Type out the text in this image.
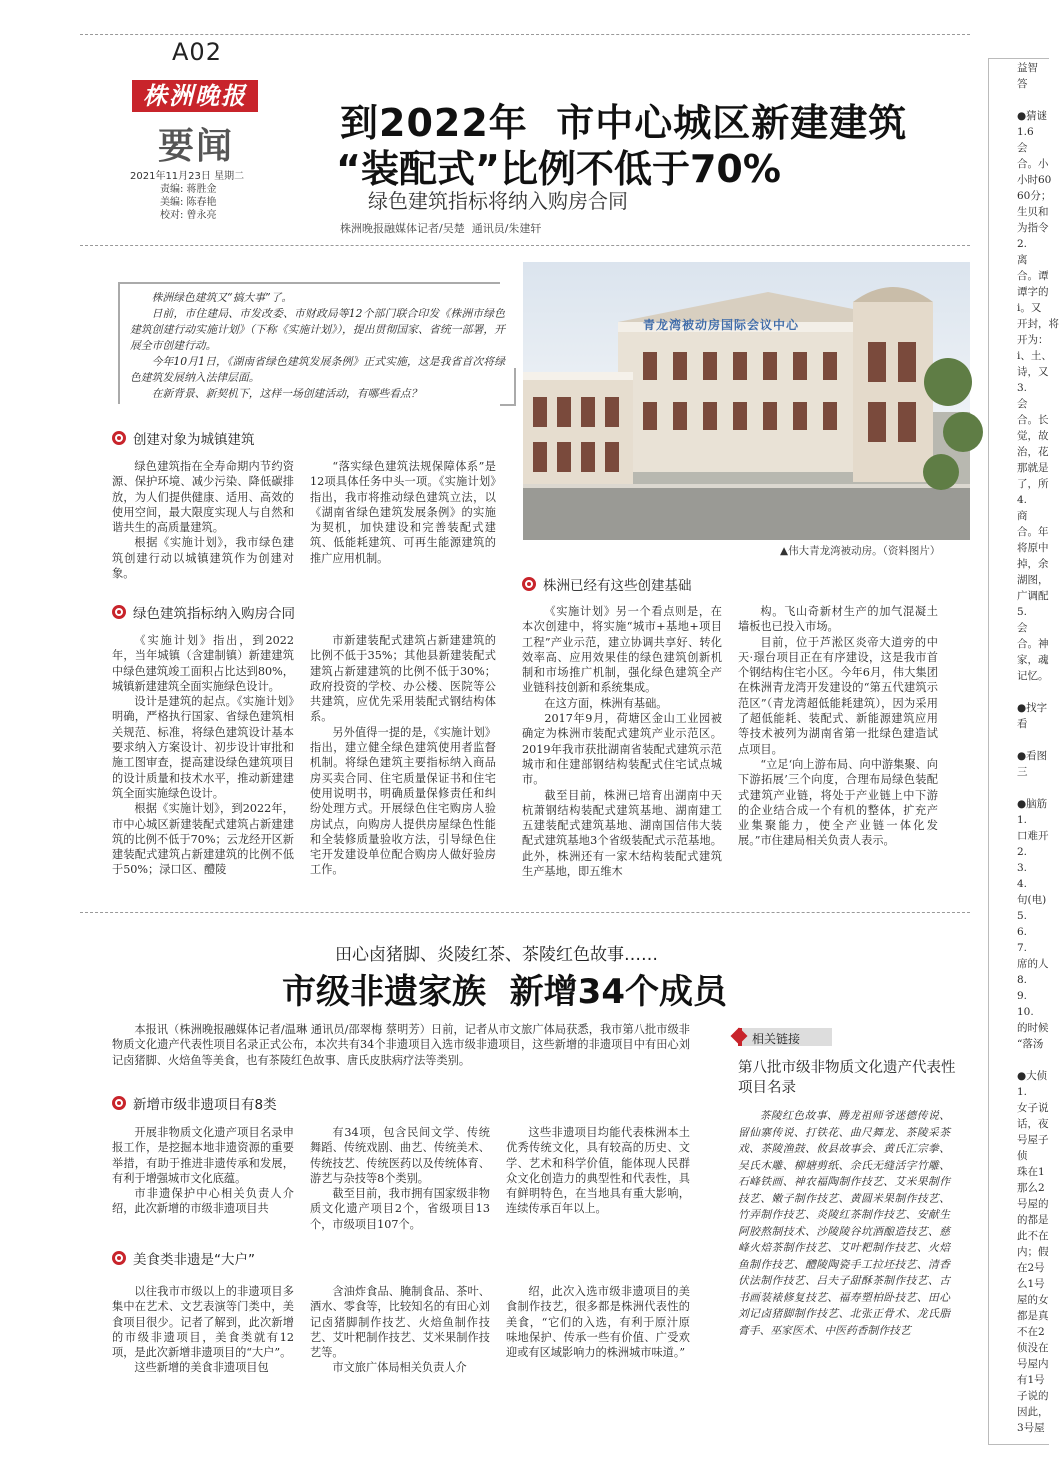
A02
株洲晚报
要闻
2021年11月23日 星期二
责编: 蒋胜金
美编: 陈春艳
校对: 曾永亮
到2022年  市中心城区新建建筑
“装配式”比例不低于70%
绿色建筑指标将纳入购房合同
株洲晚报融媒体记者/吴楚  通讯员/朱建轩

株洲绿色建筑又“搞大事”了。

日前，市住建局、市发改委、市财政局等12个部门联合印发《株洲市绿色建筑创建行动实施计划》（下称《实施计划》），提出贯彻国家、省统一部署，开展全市创建行动。

今年10月1日，《湖南省绿色建筑发展条例》正式实施，这是我省首次将绿色建筑发展纳入法律层面。

在新背景、新契机下，这样一场创建活动，有哪些看点？

青龙湾被动房国际会议中心
▲伟大青龙湾被动房。（资料图片）
创建对象为城镇建筑

绿色建筑指在全寿命期内节约资源、保护环境、减少污染、降低碳排放，为人们提供健康、适用、高效的使用空间，最大限度实现人与自然和谐共生的高质量建筑。

根据《实施计划》，我市绿色建筑创建行动以城镇建筑作为创建对象。

“落实绿色建筑法规保障体系”是12项具体任务中头一项。《实施计划》指出，我市将推动绿色建筑立法，以《湖南省绿色建筑发展条例》的实施为契机，加快建设和完善装配式建筑、低能耗建筑、可再生能源建筑的推广应用机制。

绿色建筑指标纳入购房合同

《实施计划》指出，到2022年，当年城镇（含建制镇）新建建筑中绿色建筑竣工面积占比达到80%，城镇新建建筑全面实施绿色设计。

设计是建筑的起点。《实施计划》明确，严格执行国家、省绿色建筑相关规范、标准，将绿色建筑设计基本要求纳入方案设计、初步设计审批和施工图审查，提高建设绿色建筑项目的设计质量和技术水平，推动新建建筑全面实施绿色设计。

根据《实施计划》，到2022年，市中心城区新建装配式建筑占新建建筑的比例不低于70%；云龙经开区新建装配式建筑占新建建筑的比例不低于50%；渌口区、醴陵

市新建装配式建筑占新建建筑的比例不低于35%；其他县新建装配式建筑占新建建筑的比例不低于30%；政府投资的学校、办公楼、医院等公共建筑，应优先采用装配式钢结构体系。

另外值得一提的是，《实施计划》指出，建立健全绿色建筑使用者监督机制。将绿色建筑主要指标纳入商品房买卖合同、住宅质量保证书和住宅使用说明书，明确质量保修责任和纠纷处理方式。开展绿色住宅购房人验房试点，向购房人提供房屋绿色性能和全装修质量验收方法，引导绿色住宅开发建设单位配合购房人做好验房工作。

株洲已经有这些创建基础

《实施计划》另一个看点则是，在本次创建中，将实施“城市+基地+项目工程”产业示范，建立协调共享好、转化效率高、应用效果佳的绿色建筑创新机制和市场推广机制，强化绿色建筑全产业链科技创新和系统集成。

在这方面，株洲有基础。

2017年9月，荷塘区金山工业园被确定为株洲市装配式建筑产业示范区。2019年我市获批湖南省装配式建筑示范城市和住建部钢结构装配式住宅试点城市。

截至目前，株洲已培育出湖南中天杭萧钢结构装配式建筑基地、湖南建工五建装配式建筑基地、湖南国信伟大装配式建筑基地3个省级装配式示范基地。此外，株洲还有一家木结构装配式建筑生产基地，即五维木

构。飞山奇新材生产的加气混凝土墙板也已投入市场。

目前，位于芦淞区炎帝大道旁的中天·璟台项目正在有序建设，这是我市首个钢结构住宅小区。今年6月，伟大集团在株洲青龙湾开发建设的“第五代建筑示范区”（青龙湾超低能耗建筑），因为采用了超低能耗、装配式、新能源建筑应用等技术被列为湖南省第一批绿色建造试点项目。

“立足‘向上游布局、向中游集聚、向下游拓展’三个向度，合理布局绿色装配式建筑产业链，将处于产业链上中下游的企业结合成一个有机的整体，扩充产业集聚能力，使全产业链一体化发展。”市住建局相关负责人表示。

田心卤猪脚、炎陵红茶、茶陵红色故事……
市级非遗家族  新增34个成员

本报讯（株洲晚报融媒体记者/温琳 通讯员/邵翠梅 蔡明芳）日前，记者从市文旅广体局获悉，我市第八批市级非物质文化遗产代表性项目名录正式公布，本次共有34个非遗项目入选市级非遗项目，这些新增的非遗项目中有田心刘记卤猪脚、火焙鱼等美食，也有茶陵红色故事、唐氏皮肤病疗法等类别。

新增市级非遗项目有8类

开展非物质文化遗产项目名录申报工作，是挖掘本地非遗资源的重要举措，有助于推进非遗传承和发展，有利于增强城市文化底蕴。

市非遗保护中心相关负责人介绍，此次新增的市级非遗项目共

有34项，包含民间文学、传统舞蹈、传统戏剧、曲艺、传统美术、传统技艺、传统医药以及传统体育、游艺与杂技等8个类别。

截至目前，我市拥有国家级非物质文化遗产项目2个，省级项目13个，市级项目107个。

这些非遗项目均能代表株洲本土优秀传统文化，具有较高的历史、文学、艺术和科学价值，能体现人民群众文化创造力的典型性和代表性，具有鲜明特色，在当地具有重大影响，连续传承百年以上。

美食类非遗是“大户”

以往我市市级以上的非遗项目多集中在艺术、文艺表演等门类中，美食项目很少。记者了解到，此次新增的市级非遗项目，美食类就有12项，是此次新增非遗项目的“大户”。

这些新增的美食非遗项目包

含油炸食品、腌制食品、茶叶、酒水、零食等，比较知名的有田心刘记卤猪脚制作技艺、火焙鱼制作技艺、艾叶粑制作技艺、艾米果制作技艺等。

市文旅广体局相关负责人介

绍，此次入选市级非遗项目的美食制作技艺，很多都是株洲代表性的美食，“它们的入选，有利于原汁原味地保护、传承一些有价值、广受欢迎或有区域影响力的株洲城市味道。”

相关链接
第八批市级非物质文化遗产代表性项目名录

茶陵红色故事、腾龙祖师爷迷德传说、留仙寨传说、打铁花、曲尺舞龙、茶陵采茶戏、茶陵渔鼓、攸县故事会、黄氏汇宗拳、吴氏木雕、柳塘剪纸、余氏无缝活字竹雕、石峰铁画、神农福陶制作技艺、艾米果制作技艺、嫩子制作技艺、黄圆米果制作技艺、竹弄制作技艺、炎陵红茶制作技艺、安献生阿胶熬制技术、沙陵陵谷坑酒酿造技艺、慈峰火焙茶制作技艺、艾叶粑制作技艺、火焙鱼制作技艺、醴陵陶瓷手工拉坯技艺、清香伏法制作技艺、吕夫子甜酥茶制作技艺、古书画装裱修复技艺、福寿塑柏卧技艺、田心刘记卤猪脚制作技艺、北张正骨术、龙氏脂膏手、巫家医术、中医药香制作技艺

益智

答

●猜谜

1.6

会

合。小

小时60

60分；

生贝和

为指令

2.

离

合。谭

谭字的

i。又

开封，将

开为：

i、土、

诗，又

3.

会

合。长

觉，故

治，花

那就是

了，所

4.

商

合。年

将原中

掉，余

湖图，

广调配

5.

会

合。神

家，魂

记忆。

●找字

看

●看图

三

●脑筋

1.

口难开

2.

3.

4.

句(电)

5.

6.

7.

席的人

8.

9.

10.

的时候

“落汤

●大侦

1.

女子说

话，夜

号屋子

侦

珠在1

那么2

号屋的

的都是

此不在

内；假

在2号

么1号

屋的女

都是真

不在2

侦没在

号屋内

有1号

子说的

因此，

3号屋
